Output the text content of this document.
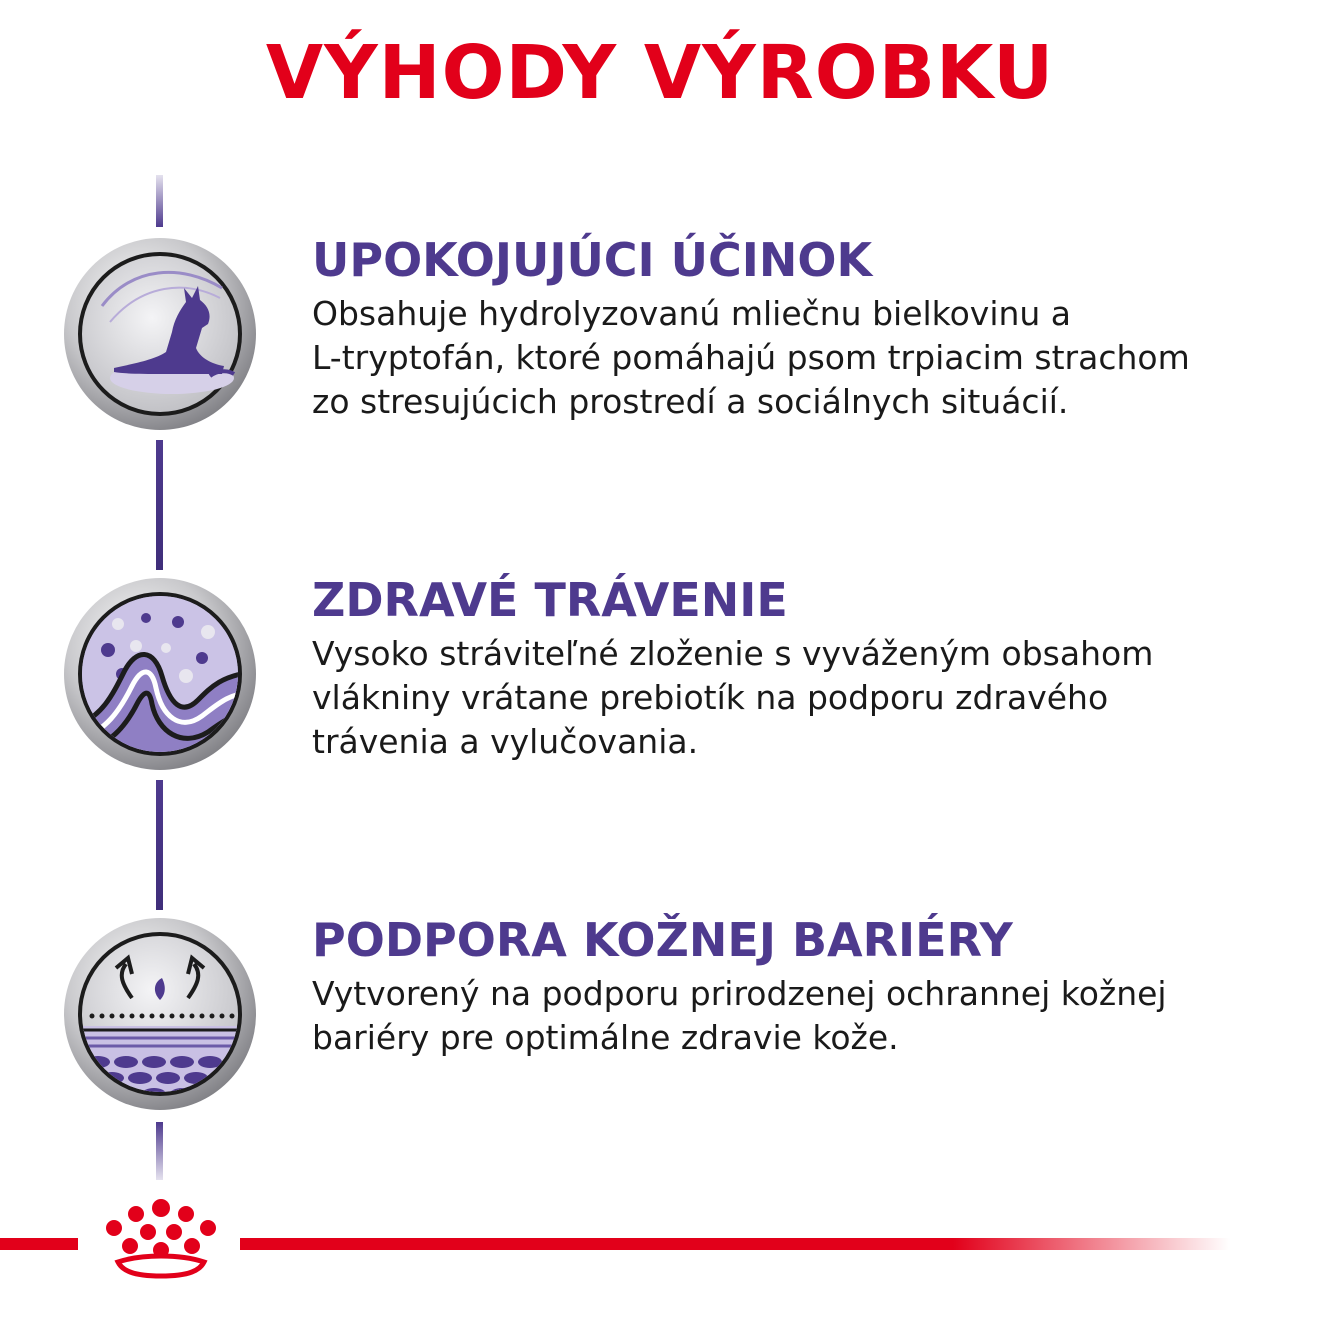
VÝHODY VÝROBKU
UPOKOJUJÚCI ÚČINOK

Obsahuje hydrolyzovanú mliečnu bielkovinu a
L-tryptofán, ktoré pomáhajú psom trpiacim strachom
zo stresujúcich prostredí a sociálnych situácií.

ZDRAVÉ TRÁVENIE

Vysoko stráviteľné zloženie s vyváženým obsahom
vlákniny vrátane prebiotík na podporu zdravého
trávenia a vylučovania.

PODPORA KOŽNEJ BARIÉRY

Vytvorený na podporu prirodzenej ochrannej kožnej
bariéry pre optimálne zdravie kože.
